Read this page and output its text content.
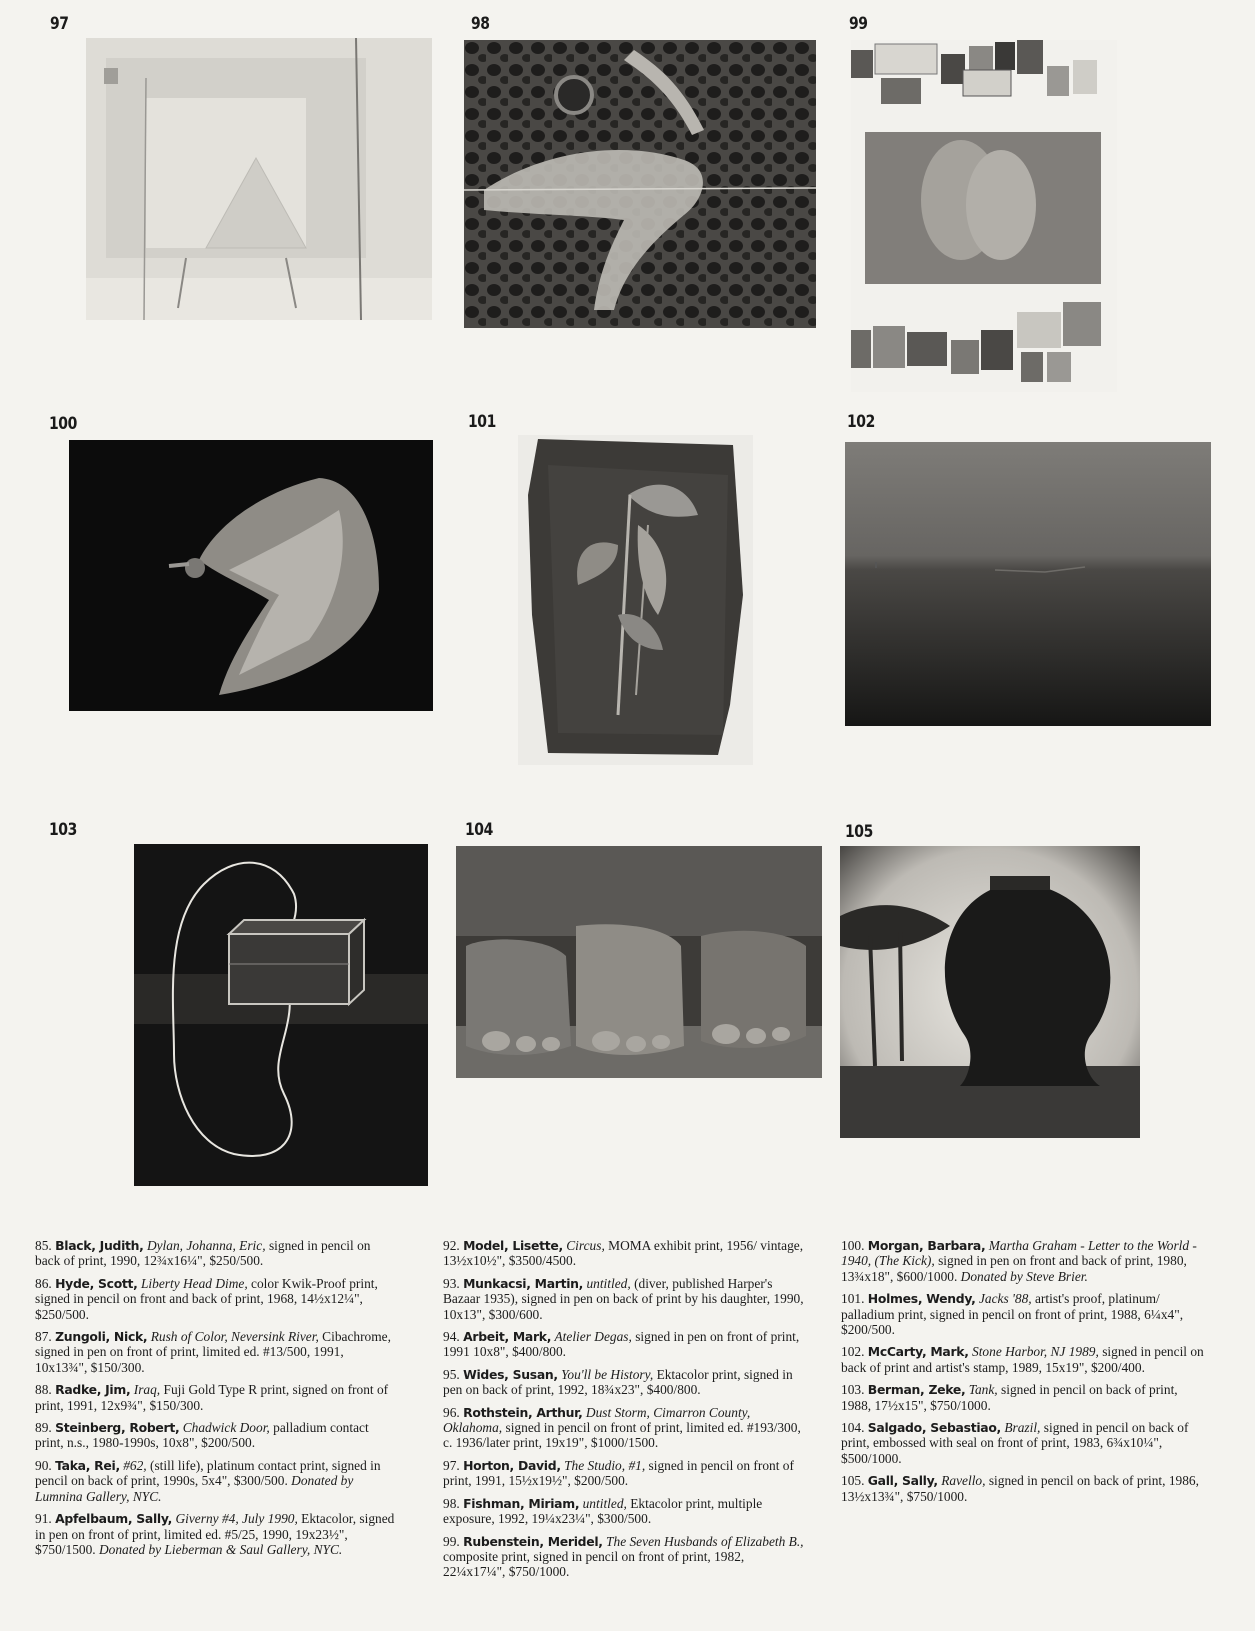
97	98	99
100	101	102
103	104	105

85. Black, Judith, Dylan, Johanna, Eric, signed in pencil on back of print, 1990, 12¾x16¼", $250/500.

86. Hyde, Scott, Liberty Head Dime, color Kwik-Proof print, signed in pencil on front and back of print, 1968, 14½x12¼", $250/500.

87. Zungoli, Nick, Rush of Color, Neversink River, Cibachrome, signed in pen on front of print, limited ed. #13/500, 1991, 10x13¾", $150/300.

88. Radke, Jim, Iraq, Fuji Gold Type R print, signed on front of print, 1991, 12x9¾", $150/300.

89. Steinberg, Robert, Chadwick Door, palladium contact print, n.s., 1980-1990s, 10x8", $200/500.

90. Taka, Rei, #62, (still life), platinum contact print, signed in pencil on back of print, 1990s, 5x4", $300/500. Donated by Lumnina Gallery, NYC.

91. Apfelbaum, Sally, Giverny #4, July 1990, Ektacolor, signed in pen on front of print, limited ed. #5/25, 1990, 19x23½", $750/1500. Donated by Lieberman & Saul Gallery, NYC.

92. Model, Lisette, Circus, MOMA exhibit print, 1956/ vintage, 13½x10½", $3500/4500.

93. Munkacsi, Martin, untitled, (diver, published Harper's Bazaar 1935), signed in pen on back of print by his daughter, 1990, 10x13", $300/600.

94. Arbeit, Mark, Atelier Degas, signed in pen on front of print, 1991 10x8", $400/800.

95. Wides, Susan, You'll be History, Ektacolor print, signed in pen on back of print, 1992, 18¾x23", $400/800.

96. Rothstein, Arthur, Dust Storm, Cimarron County, Oklahoma, signed in pencil on front of print, limited ed. #193/300, c. 1936/later print, 19x19", $1000/1500.

97. Horton, David, The Studio, #1, signed in pencil on front of print, 1991, 15½x19½", $200/500.

98. Fishman, Miriam, untitled, Ektacolor print, multiple exposure, 1992, 19¼x23¼", $300/500.

99. Rubenstein, Meridel, The Seven Husbands of Elizabeth B., composite print, signed in pencil on front of print, 1982, 22¼x17¼", $750/1000.

100. Morgan, Barbara, Martha Graham - Letter to the World - 1940, (The Kick), signed in pen on front and back of print, 1980, 13¾x18", $600/1000. Donated by Steve Brier.

101. Holmes, Wendy, Jacks '88, artist's proof, platinum/ palladium print, signed in pencil on front of print, 1988, 6¼x4", $200/500.

102. McCarty, Mark, Stone Harbor, NJ 1989, signed in pencil on back of print and artist's stamp, 1989, 15x19", $200/400.

103. Berman, Zeke, Tank, signed in pencil on back of print, 1988, 17½x15", $750/1000.

104. Salgado, Sebastiao, Brazil, signed in pencil on back of print, embossed with seal on front of print, 1983, 6¾x10¼", $500/1000.

105. Gall, Sally, Ravello, signed in pencil on back of print, 1986, 13½x13¾", $750/1000.
